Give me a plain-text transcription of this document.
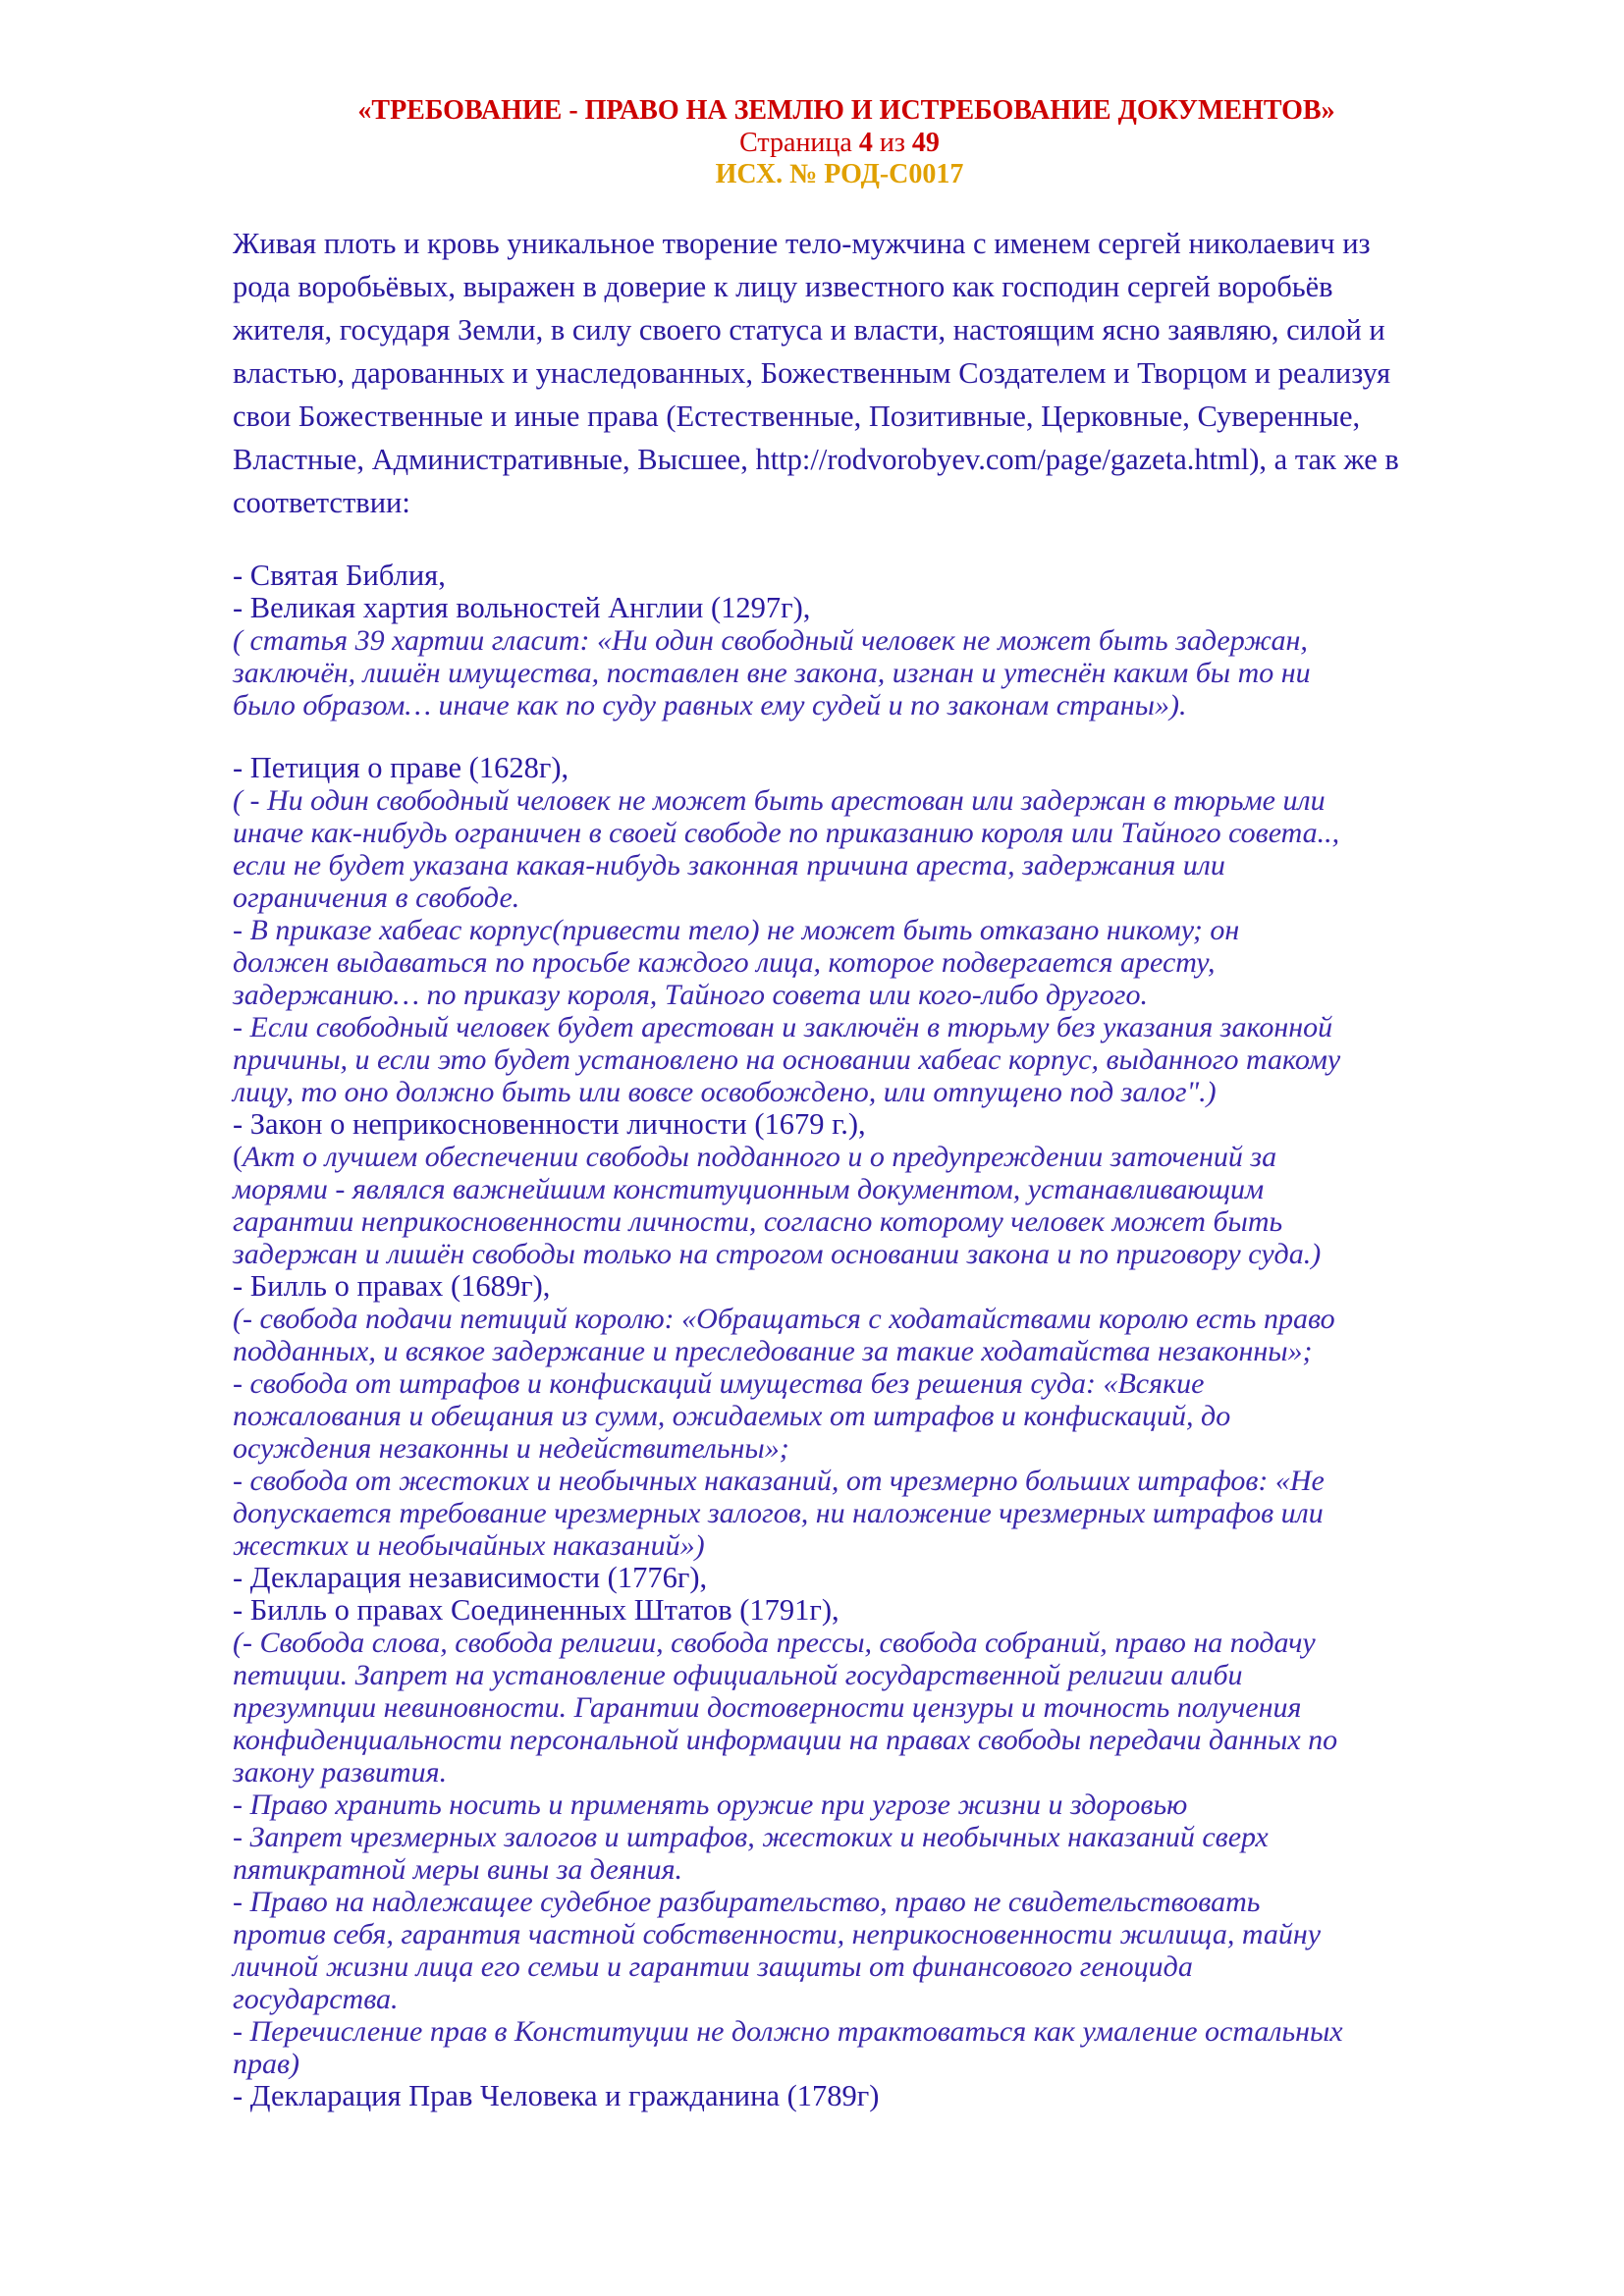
«ТРЕБОВАНИЕ - ПРАВО НА ЗЕМЛЮ И ИСТРЕБОВАНИЕ ДОКУМЕНТОВ»
Страница 4 из 49
ИСХ. № РОД-С0017

Живая плоть и кровь уникальное творение тело-мужчина с именем сергей николаевич из

рода воробьёвых, выражен в доверие к лицу известного как господин сергей воробьёв

жителя, государя Земли, в силу своего статуса и власти, настоящим ясно заявляю, силой и

властью, дарованных и унаследованных, Божественным Создателем и Творцом и реализуя

свои Божественные и иные права (Естественные, Позитивные, Церковные, Суверенные,

Властные, Административные, Высшее, http://rodvorobyev.com/page/gazeta.html), а так же в

соответствии:

- Святая Библия,
- Великая хартия вольностей Англии (1297г),
( статья 39 хартии гласит: «Ни один свободный человек не может быть задержан,
заключён, лишён имущества, поставлен вне закона, изгнан и утеснён каким бы то ни
было образом… иначе как по суду равных ему судей и по законам страны»).
- Петиция о праве (1628г),
( - Ни один свободный человек не может быть арестован или задержан в тюрьме или
иначе как-нибудь ограничен в своей свободе по приказанию короля или Тайного совета..,
если не будет указана какая-нибудь законная причина ареста, задержания или
ограничения в свободе.
- В приказе хабеас корпус(привести тело) не может быть отказано никому; он
должен выдаваться по просьбе каждого лица, которое подвергается аресту,
задержанию… по приказу короля, Тайного совета или кого-либо другого.
- Если свободный человек будет арестован и заключён в тюрьму без указания законной
причины, и если это будет установлено на основании хабеас корпус, выданного такому
лицу, то оно должно быть или вовсе освобождено, или отпущено под залог".)
- Закон о неприкосновенности личности (1679 г.),
(Акт о лучшем обеспечении свободы подданного и о предупреждении заточений за
морями - являлся важнейшим конституционным документом, устанавливающим
гарантии неприкосновенности личности, согласно которому человек может быть
задержан и лишён свободы только на строгом основании закона и по приговору суда.)
- Билль о правах (1689г),
(- свобода подачи петиций королю: «Обращаться с ходатайствами королю есть право
подданных, и всякое задержание и преследование за такие ходатайства незаконны»;
- свобода от штрафов и конфискаций имущества без решения суда: «Всякие
пожалования и обещания из сумм, ожидаемых от штрафов и конфискаций, до
осуждения незаконны и недействительны»;
- свобода от жестоких и необычных наказаний, от чрезмерно больших штрафов: «Не
допускается требование чрезмерных залогов, ни наложение чрезмерных штрафов или
жестких и необычайных наказаний»)
- Декларация независимости (1776г),
- Билль о правах Соединенных Штатов (1791г),
(- Свобода слова, свобода религии, свобода прессы, свобода собраний, право на подачу
петиции. Запрет на установление официальной государственной религии алиби
презумпции невиновности. Гарантии достоверности цензуры и точность получения
конфиденциальности персональной информации на правах свободы передачи данных по
закону развития.
- Право хранить носить и применять оружие при угрозе жизни и здоровью
- Запрет чрезмерных залогов и штрафов, жестоких и необычных наказаний сверх
пятикратной меры вины за деяния.
- Право на надлежащее судебное разбирательство, право не свидетельствовать
против себя, гарантия частной собственности, неприкосновенности жилища, тайну
личной жизни лица его семьи и гарантии защиты от финансового геноцида
государства.
- Перечисление прав в Конституции не должно трактоваться как умаление остальных
прав)
- Декларация Прав Человека и гражданина (1789г)
